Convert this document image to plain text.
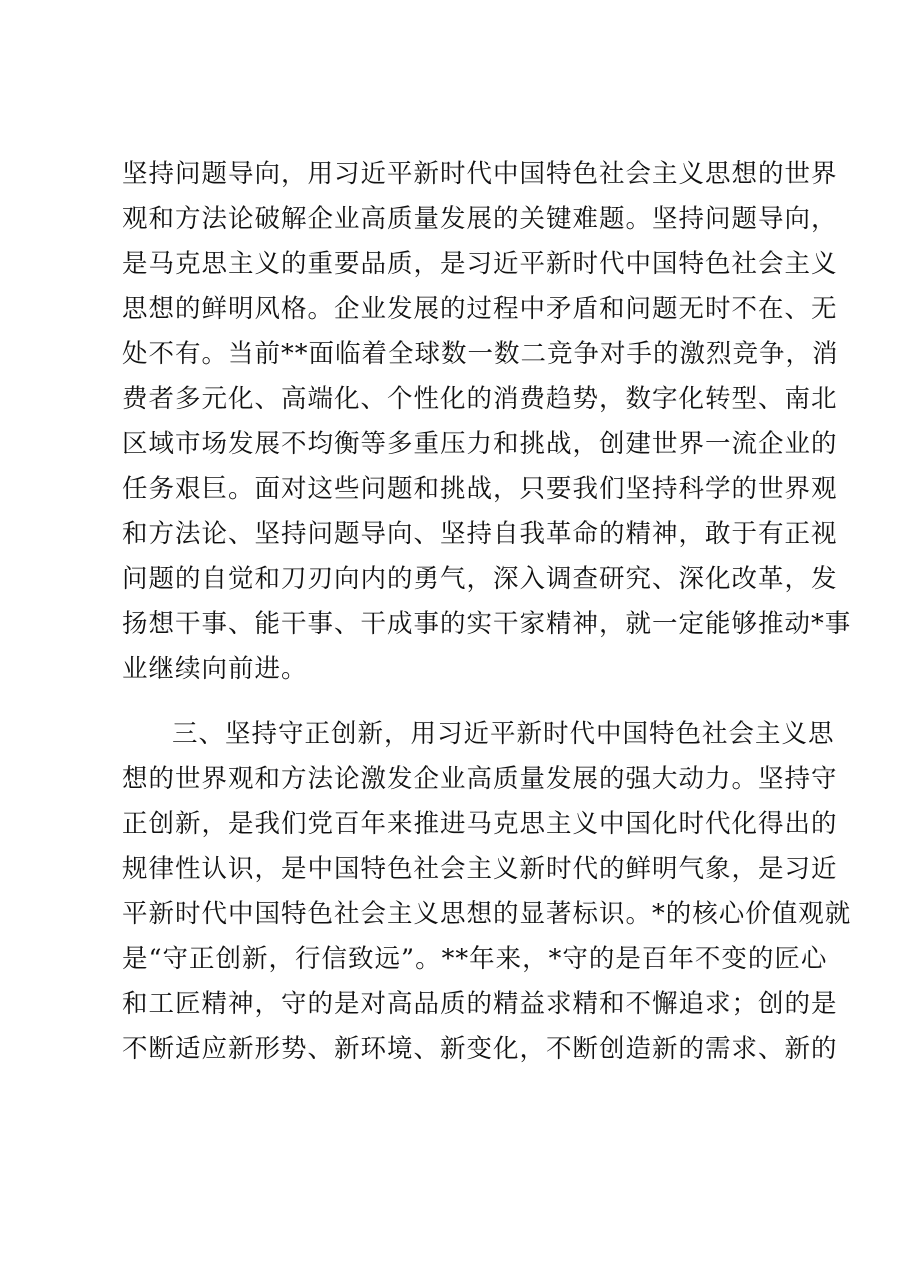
坚持问题导向，用习近平新时代中国特色社会主义思想的世界
观和方法论破解企业高质量发展的关键难题。坚持问题导向，
是马克思主义的重要品质，是习近平新时代中国特色社会主义
思想的鲜明风格。企业发展的过程中矛盾和问题无时不在、无
处不有。当前**面临着全球数一数二竞争对手的激烈竞争，消
费者多元化、高端化、个性化的消费趋势，数字化转型、南北
区域市场发展不均衡等多重压力和挑战，创建世界一流企业的
任务艰巨。面对这些问题和挑战，只要我们坚持科学的世界观
和方法论、坚持问题导向、坚持自我革命的精神，敢于有正视
问题的自觉和刀刃向内的勇气，深入调查研究、深化改革，发
扬想干事、能干事、干成事的实干家精神，就一定能够推动*事
业继续向前进。
三、坚持守正创新，用习近平新时代中国特色社会主义思
想的世界观和方法论激发企业高质量发展的强大动力。坚持守
正创新，是我们党百年来推进马克思主义中国化时代化得出的
规律性认识，是中国特色社会主义新时代的鲜明气象，是习近
平新时代中国特色社会主义思想的显著标识。*的核心价值观就
是“守正创新，行信致远”。**年来，*守的是百年不变的匠心
和工匠精神，守的是对高品质的精益求精和不懈追求；创的是
不断适应新形势、新环境、新变化，不断创造新的需求、新的
